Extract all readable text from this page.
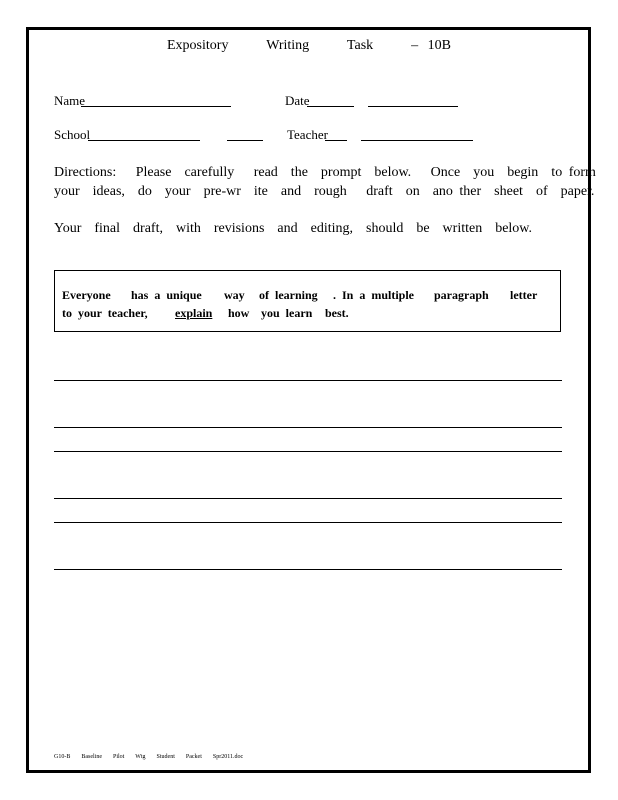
Expository    Writing    Task    – 10B
Name	Date
School	Teacher
Directions:   Please  carefully   read  the  prompt  below.   Once  you  begin  to form
your  ideas,  do  your  pre-wr  ite  and  rough   draft  on  ano ther  sheet  of  paper.
Your  final  draft,  with  revisions  and  editing,  should  be  written  below.
Everyone has  a  unique way of  learning .  In  a  multiple paragraph letter
to  your  teacher, explain	how you  learn best.
G10-B  Baseline  Pilot  Wtg  Student  Packet  Spr2011.doc
